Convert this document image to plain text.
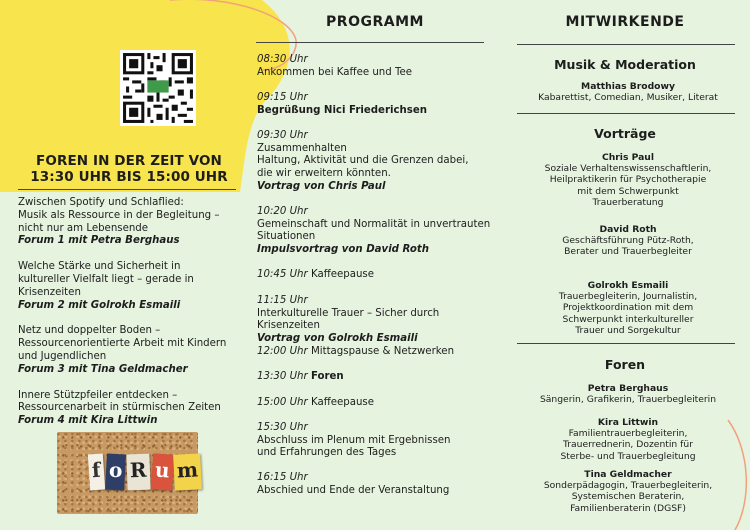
FOREN IN DER ZEIT VON
13:30 UHR BIS 15:00 UHR
Zwischen Spotify und Schlaflied:
Musik als Ressource in der Begleitung –
nicht nur am Lebensende
Forum 1 mit Petra Berghaus
Welche Stärke und Sicherheit in
kultureller Vielfalt liegt – gerade in
Krisenzeiten
Forum 2 mit Golrokh Esmaili
Netz und doppelter Boden –
Ressourcenorientierte Arbeit mit Kindern
und Jugendlichen
Forum 3 mit Tina Geldmacher
Innere Stützpfeiler entdecken –
Ressourcenarbeit in stürmischen Zeiten
Forum 4 mit Kira Littwin
f o R u m
PROGRAMM
08:30 Uhr
Ankommen bei Kaffee und Tee
09:15 Uhr
Begrüßung Nici Friederichsen
09:30 Uhr
Zusammenhalten
Haltung, Aktivität und die Grenzen dabei,
die wir erweitern könnten.
Vortrag von Chris Paul
10:20 Uhr
Gemeinschaft und Normalität in unvertrauten
Situationen
Impulsvortrag von David Roth
10:45 Uhr Kaffeepause
11:15 Uhr
Interkulturelle Trauer – Sicher durch Krisenzeiten
Vortrag von Golrokh Esmaili
12:00 Uhr Mittagspause & Netzwerken
13:30 Uhr Foren
15:00 Uhr Kaffeepause
15:30 Uhr
Abschluss im Plenum mit Ergebnissen
und Erfahrungen des Tages
16:15 Uhr
Abschied und Ende der Veranstaltung
MITWIRKENDE
Musik & Moderation
Matthias Brodowy
Kabarettist, Comedian, Musiker, Literat
Vorträge
Chris Paul
Soziale Verhaltenswissenschaftlerin,
Heilpraktikerin für Psychotherapie
mit dem Schwerpunkt
Trauerberatung
David Roth
Geschäftsführung Pütz-Roth,
Berater und Trauerbegleiter
Golrokh Esmaili
Trauerbegleiterin, Journalistin,
Projektkoordination mit dem
Schwerpunkt interkultureller
Trauer und Sorgekultur
Foren
Petra Berghaus
Sängerin, Grafikerin, Trauerbegleiterin
Kira Littwin
Familientrauerbegleiterin,
Trauerrednerin, Dozentin für
Sterbe- und Trauerbegleitung
Tina Geldmacher
Sonderpädagogin, Trauerbegleiterin,
Systemischen Beraterin,
Familienberaterin (DGSF)
